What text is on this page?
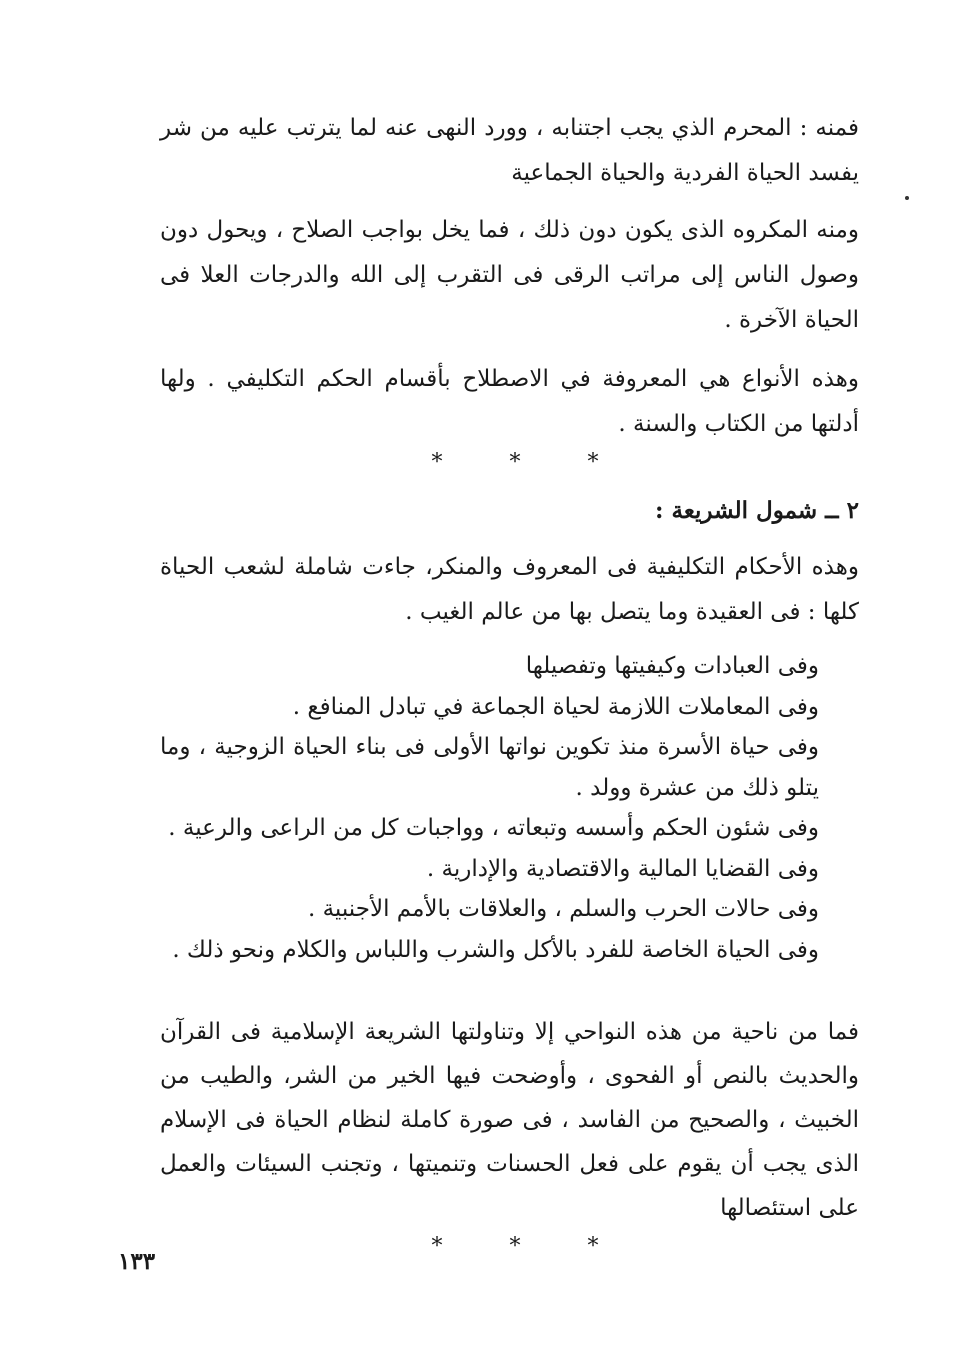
فمنه : المحرم الذي يجب اجتنابه ، وورد النهى عنه لما يترتب عليه من شر يفسد الحياة الفردية والحياة الجماعية

ومنه المكروه الذى يكون دون ذلك ، فما يخل بواجب الصلاح ، ويحول دون وصول الناس إلى مراتب الرقى فى التقرب إلى الله والدرجات العلا فى الحياة الآخرة .

وهذه الأنواع هي المعروفة في الاصطلاح بأقسام الحكم التكليفي . ولها أدلتها من الكتاب والسنة .

* * *
٢ ــ شمول الشريعة :

وهذه الأحكام التكليفية فى المعروف والمنكر، جاءت شاملة لشعب الحياة كلها : فى العقيدة وما يتصل بها من عالم الغيب .

وفى العبادات وكيفيتها وتفصيلها

وفى المعاملات اللازمة لحياة الجماعة في تبادل المنافع .

وفى حياة الأسرة منذ تكوين نواتها الأولى فى بناء الحياة الزوجية ، وما يتلو ذلك من عشرة وولد .

وفى شئون الحكم وأسسه وتبعاته ، وواجبات كل من الراعى والرعية .

وفى القضايا المالية والاقتصادية والإدارية .

وفى حالات الحرب والسلم ، والعلاقات بالأمم الأجنبية .

وفى الحياة الخاصة للفرد بالأكل والشرب واللباس والكلام ونحو ذلك .

فما من ناحية من هذه النواحي إلا وتناولتها الشريعة الإسلامية فى القرآن والحديث بالنص أو الفحوى ، وأوضحت فيها الخير من الشر، والطيب من الخبيث ، والصحيح من الفاسد ، فى صورة كاملة لنظام الحياة فى الإسلام الذى يجب أن يقوم على فعل الحسنات وتنميتها ، وتجنب السيئات والعمل على استئصالها

* * *
١٣٣
